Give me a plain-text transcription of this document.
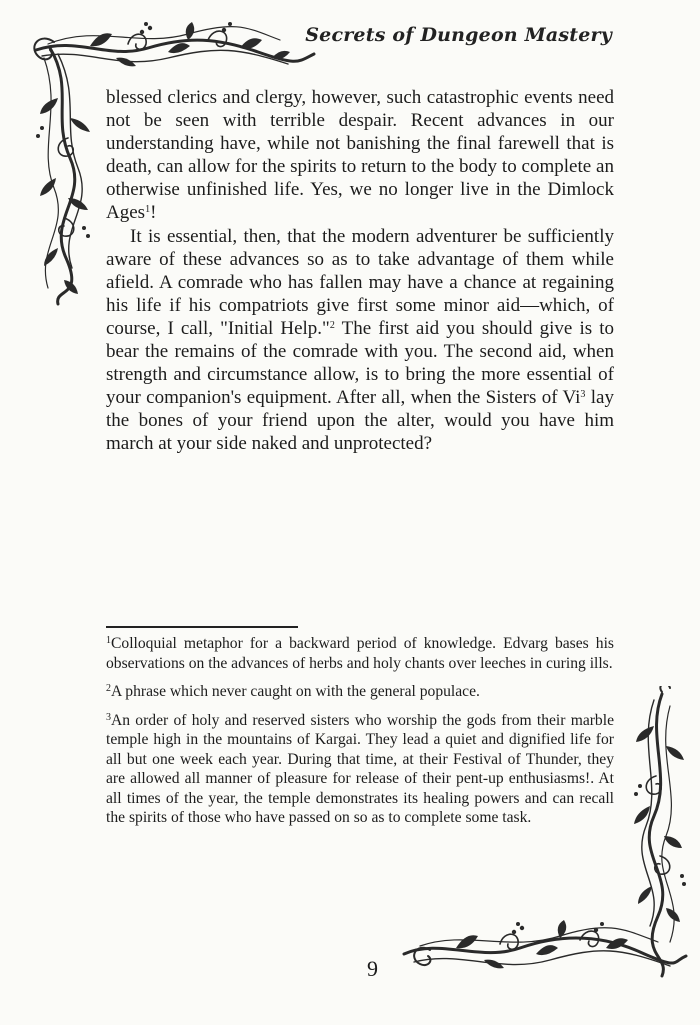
Secrets of Dungeon Mastery

blessed clerics and clergy, however, such catastrophic events need not be seen with terrible despair. Recent advances in our understanding have, while not banishing the final farewell that is death, can allow for the spirits to return to the body to complete an otherwise unfinished life. Yes, we no longer live in the Dimlock Ages$^1$!

It is essential, then, that the modern adventurer be sufficiently aware of these advances so as to take advantage of them while afield. A comrade who has fallen may have a chance at regaining his life if his compatriots give first some minor aid—which, of course, I call, "Initial Help."$^2$ The first aid you should give is to bear the remains of the comrade with you. The second aid, when strength and circumstance allow, is to bring the more essential of your companion's equipment. After all, when the Sisters of Vi$^3$ lay the bones of your friend upon the alter, would you have him march at your side naked and unprotected?

$^1$Colloquial metaphor for a backward period of knowledge. Edvarg bases his observations on the advances of herbs and holy chants over leeches in curing ills.

$^2$A phrase which never caught on with the general populace.

$^3$An order of holy and reserved sisters who worship the gods from their marble temple high in the mountains of Kargai. They lead a quiet and dignified life for all but one week each year. During that time, at their Festival of Thunder, they are allowed all manner of pleasure for release of their pent-up enthusiasms!. At all times of the year, the temple demonstrates its healing powers and can recall the spirits of those who have passed on so as to complete some task.

9
